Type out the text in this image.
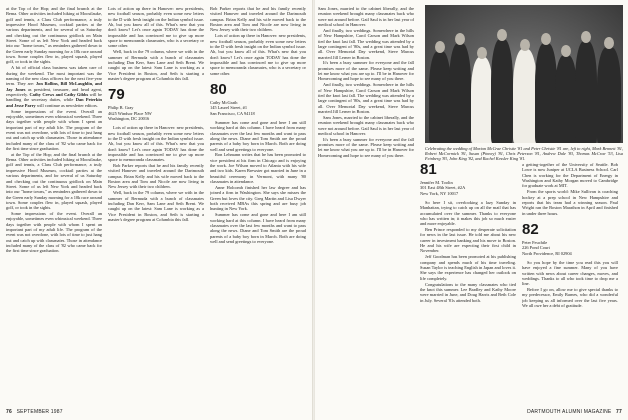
at the Top of the Hop; and the final brunch at the Bema. Other activities included hiking at Moosilauke, golf and tennis, a Class Club performance, a truly impressive Hood Museum, cocktail parties at the various departments, and for several of us Saturday and checking out the continuous gridlock on Main Street. Some of us left New York and headed back into our "home towns," as reminders gathered down to the Green early Sunday morning for a 10k race around town. Some couples flew in, played squash, played golf, or took in the sights.

A bit of official class business was taken care of during the weekend. The most important was the naming of the new class officers for the next five-year term. They are: Jon Rollins, Bill McLaughlin, and Jay Jones as president, treasurer, and head agent, respectively. Cathy Crews and Cathy Gibbs will be handling the secretary duties, while Dan Peterkin and Jesse Parry will continue as newsletter editors.

Some impressions of the event. Overall an enjoyable, sometimes even whimsical weekend. Three days together with people with whom I spent an important part of my adult life. The program of the event was not overdone, with lots of time to just hang out and catch up with classmates. Those in attendance included many of the class of '82 who came back for the first time since graduation.

at the Top of the Hop; and the final brunch at the Bema. Other activities included hiking at Moosilauke, golf and tennis, a Class Club performance, a truly impressive Hood Museum, cocktail parties at the various departments, and for several of us Saturday and checking out the continuous gridlock on Main Street. Some of us left New York and headed back into our "home towns," as reminders gathered down to the Green early Sunday morning for a 10k race around town. Some couples flew in, played squash, played golf, or took in the sights.

Some impressions of the event. Overall an enjoyable, sometimes even whimsical weekend. Three days together with people with whom I spent an important part of my adult life. The program of the event was not overdone, with lots of time to just hang out and catch up with classmates. Those in attendance included many of the class of '82 who came back for the first time since graduation.

Lots of action up there in Hanover: new presidents, new football season, probably even some new letters to the D with fresh insight on the Indian symbol issue. Ah, but you know all of this. What's new that you don't know? Let's once again TODAY has done the impossible and has convinced me to give up more space to memoranda classmates, who is a secretary or some other.

Well, back in the 79 column, where we with in the summer of Bermuda with a bunch of classmates including Dan Kerr, Sam Lane and Seth Brent. We caught up on the latest: Sam Lane is working as a Vice President in Boston, and Seth is starting a master's degree program at Columbia this fall.

79
Philip B. Gray
4625 Windsor Place NW
Washington, DC 20016

Lots of action up there in Hanover: new presidents, new football season, probably even some new letters to the D with fresh insight on the Indian symbol issue. Ah, but you know all of this. What's new that you don't know? Let's once again TODAY has done the impossible and has convinced me to give up more space to memoranda classmates.

Bob Parker reports that he and his family recently visited Hanover and traveled around the Dartmouth campus. Brian Kelly and his wife moved back to the Boston area and Tom and Nicole are now living in New Jersey with their two children.

Well, back in the 79 column, where we with in the summer of Bermuda with a bunch of classmates including Dan Kerr, Sam Lane and Seth Brent. We caught up on the latest: Sam Lane is working as a Vice President in Boston, and Seth is starting a master's degree program at Columbia this fall.

Bob Parker reports that he and his family recently visited Hanover and traveled around the Dartmouth campus. Brian Kelly and his wife moved back to the Boston area and Tom and Nicole are now living in New Jersey with their two children.

Lots of action up there in Hanover: new presidents, new football season, probably even some new letters to the D with fresh insight on the Indian symbol issue. Ah, but you know all of this. What's new that you don't know? Let's once again TODAY has done the impossible and has convinced me to give up more space to memoranda classmates, who is a secretary or some other.

80
Cathy McGrath
145 Laurel Street, #1
San Francisco, CA 94118

Summer has come and gone and here I am still working hard at this column. I have heard from many classmates over the last few months and want to pass along the news. Diane and Tom Smith are the proud parents of a baby boy born in March. Both are doing well and send greetings to everyone.

Ron Lehmann writes that he has been promoted to vice president at his firm in Chicago and is enjoying the work. Joe Wilson moved to Atlanta with his wife and two kids. Karen Brewster got married in June in a beautiful ceremony in Vermont, with many '80 classmates in attendance.

Anne Holcomb finished her law degree and has joined a firm in Washington. She says she misses the Green but loves the city. Greg Martin and Lisa Dwyer both received MBAs this spring and are busy job hunting in New York.

Summer has come and gone and here I am still working hard at this column. I have heard from many classmates over the last few months and want to pass along the news. Diane and Tom Smith are the proud parents of a baby boy born in March. Both are doing well and send greetings to everyone.

76 SEPTEMBER 1987

Sam Jones, married to the cabinet liberally, and the reunion weekend brought many classmates back who were not around before. Gail Saul is in her last year of medical school in Hanover.

And finally, two weddings. Somewhere in the hills of New Hampshire, Carol Carson and Mark Wilson tied the knot last fall. The wedding was attended by a large contingent of '80s, and a great time was had by all. Over Memorial Day weekend, Steve Marcus married Jill Lerner in Boston.

It's been a busy summer for everyone and the fall promises more of the same. Please keep writing and let me know what you are up to. I'll be in Hanover for Homecoming and hope to see many of you there.

And finally, two weddings. Somewhere in the hills of New Hampshire, Carol Carson and Mark Wilson tied the knot last fall. The wedding was attended by a large contingent of '80s, and a great time was had by all. Over Memorial Day weekend, Steve Marcus married Jill Lerner in Boston.

Sam Jones, married to the cabinet liberally, and the reunion weekend brought many classmates back who were not around before. Gail Saul is in her last year of medical school in Hanover.

It's been a busy summer for everyone and the fall promises more of the same. Please keep writing and let me know what you are up to. I'll be in Hanover for Homecoming and hope to see many of you there.

81
Jennifer M. Toolin
301 East 48th Street, #2A
New York, NY 10017

So here I sit, overlooking a lazy Sunday in Manhattan, trying to catch up on all the mail that has accumulated over the summer. Thanks to everyone who has written in; it makes this job so much easier and more enjoyable.

Ben Prince responded to my desperate solicitation for news in the last issue. He told me about his new career in investment banking and his move to Boston. He and his wife are expecting their first child in November.

Jeff Goodman has been promoted at his publishing company and spends much of his time traveling. Susan Taylor is teaching English in Japan and loves it. She says the experience has changed her outlook on life completely.

Congratulations to the many classmates who tied the knot this summer. Lee Bradley and Kathy Moore were married in June, and Doug Harris and Beth Cole in July. Several '81s attended both.

a getting-together of the University of Seattle. Bob Lowe is now Juniper at UCLA Business School. Carl Chen is working for the Department of Energy in Washington and Kathy Morgan moved to Cambridge for graduate work at MIT.

From the sports world: Mike Sullivan is coaching hockey at a prep school in New Hampshire and reports that his team had a winning season. Paul Wright ran the Boston Marathon in April and finished in under three hours.

82
Peter Feuchtle
226 Pond Court
North Providence, RI 02904

So you hope by the time you read this you will have enjoyed a fine summer. Many of you have written with news about career changes, moves, and weddings. Thanks to all who took time to drop me a line.

Before I go on, allow me to give special thanks to my predecessor, Emily Barnes, who did a wonderful job keeping us all informed over the last five years. We all owe her a debt of gratitude.

DARTMOUTH ALUMNI MAGAZINE 77
Celebrating the wedding of Marian McCrae Christie '81 and Peter Christie '81 are, left to right, Mark Bennett '81, Robert McCormick '81, Susan (Pinney) '81, Chris Peterson '81, Andrew Dale '83, Thomas McCrae '53, Lisa Feinberg '83, John King '82, and Rachel Kessler King '81.
